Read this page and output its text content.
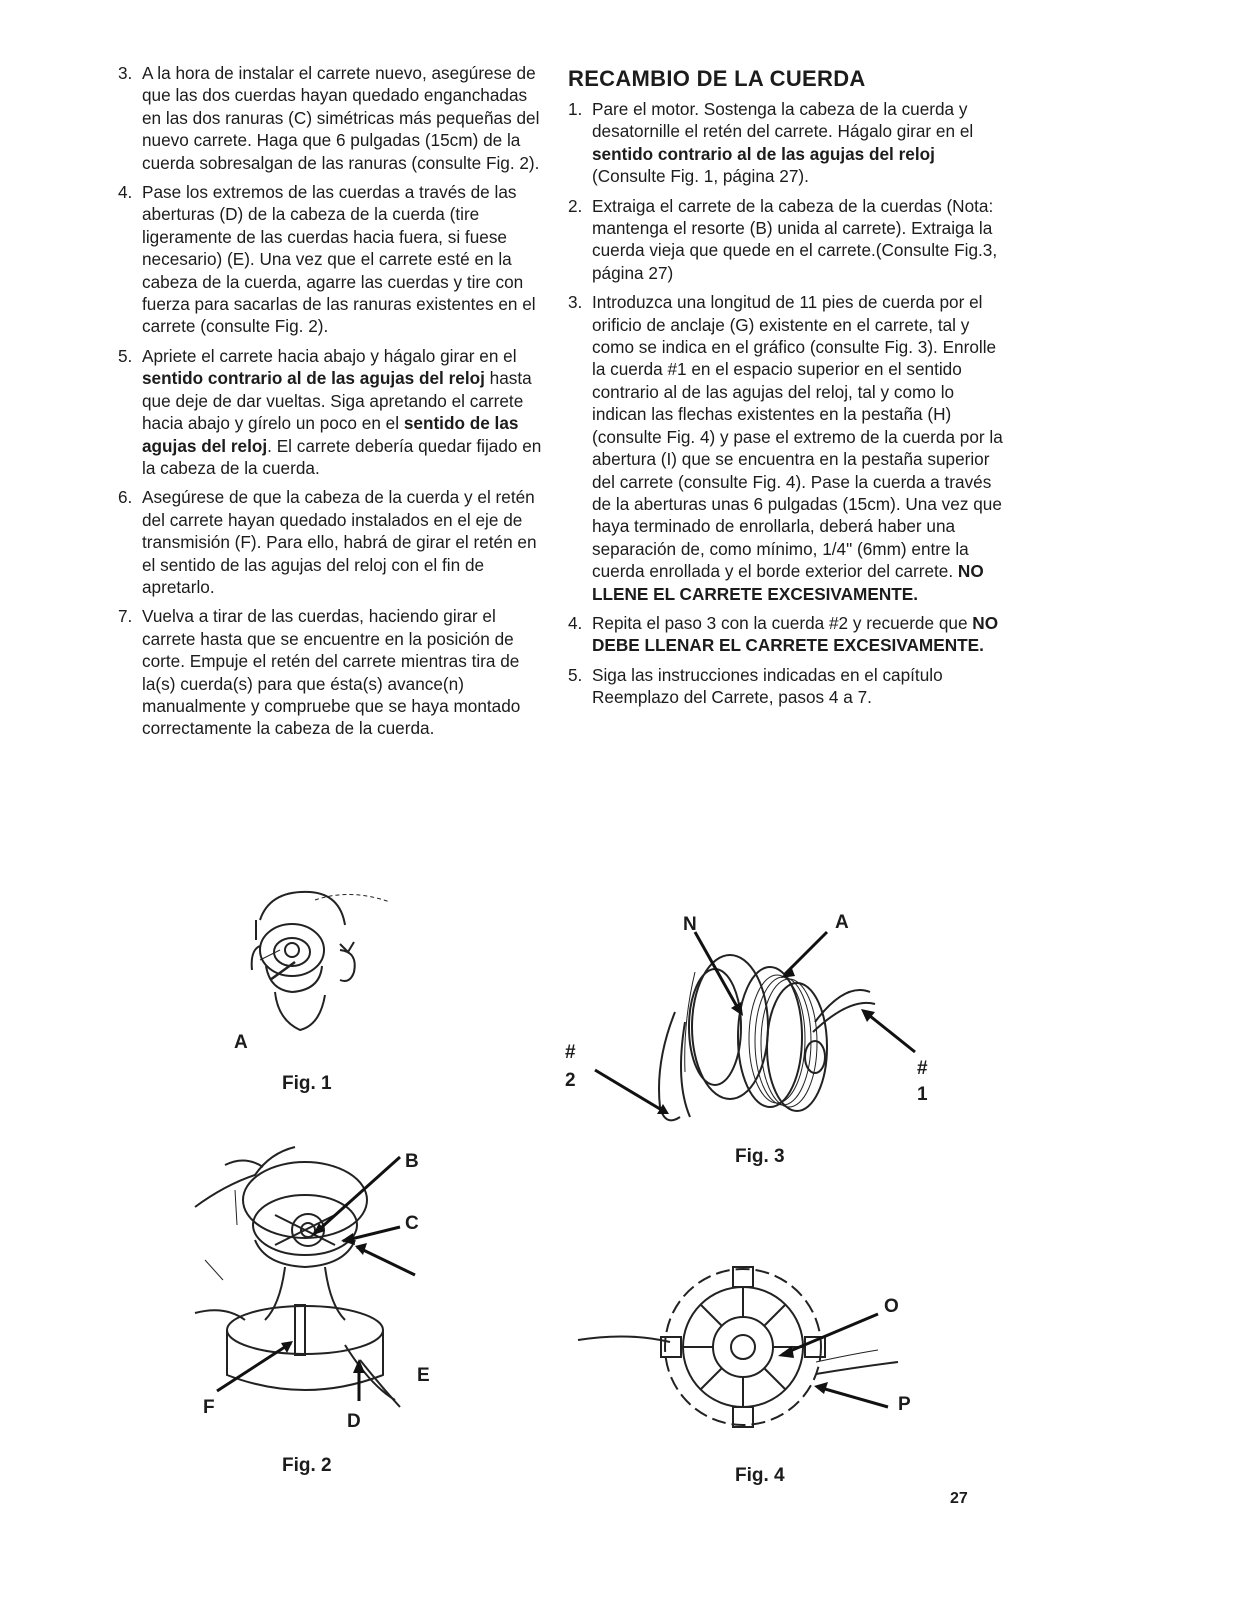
3. A la hora de instalar el carrete nuevo, asegúrese de que las dos cuerdas hayan quedado enganchadas en las dos ranuras (C) simétricas más pequeñas del nuevo carrete. Haga que 6 pulgadas (15cm) de la cuerda sobresalgan de las ranuras (consulte Fig. 2).
4. Pase los extremos de las cuerdas a través de las aberturas (D) de la cabeza de la cuerda (tire ligeramente de las cuerdas hacia fuera, si fuese necesario) (E). Una vez que el carrete esté en la cabeza de la cuerda, agarre las cuerdas y tire con fuerza para sacarlas de las ranuras existentes en el carrete (consulte Fig. 2).
5. Apriete el carrete hacia abajo y hágalo girar en el sentido contrario al de las agujas del reloj hasta que deje de dar vueltas. Siga apretando el carrete hacia abajo y gírelo un poco en el sentido de las agujas del reloj. El carrete debería quedar fijado en la cabeza de la cuerda.
6. Asegúrese de que la cabeza de la cuerda y el retén del carrete hayan quedado instalados en el eje de transmisión (F). Para ello, habrá de girar el retén en el sentido de las agujas del reloj con el fin de apretarlo.
7. Vuelva a tirar de las cuerdas, haciendo girar el carrete hasta que se encuentre en la posición de corte. Empuje el retén del carrete mientras tira de la(s) cuerda(s) para que ésta(s) avance(n) manualmente y compruebe que se haya montado correctamente la cabeza de la cuerda.
RECAMBIO DE LA CUERDA
1. Pare el motor. Sostenga la cabeza de la cuerda y desatornille el retén del carrete. Hágalo girar en el sentido contrario al de las agujas del reloj (Consulte Fig. 1, página 27).
2. Extraiga el carrete de la cabeza de la cuerdas (Nota: mantenga el resorte (B) unida al carrete). Extraiga la cuerda vieja que quede en el carrete.(Consulte Fig.3, página 27)
3. Introduzca una longitud de 11 pies de cuerda por el orificio de anclaje (G) existente en el carrete, tal y como se indica en el gráfico (consulte Fig. 3). Enrolle la cuerda #1 en el espacio superior en el sentido contrario al de las agujas del reloj, tal y como lo indican las flechas existentes en la pestaña (H) (consulte Fig. 4) y pase el extremo de la cuerda por la abertura (I) que se encuentra en la pestaña superior del carrete (consulte Fig. 4). Pase la cuerda a través de la aberturas unas 6 pulgadas (15cm). Una vez que haya terminado de enrollarla, deberá haber una separación de, como mínimo, 1/4" (6mm) entre la cuerda enrollada y el borde exterior del carrete. NO LLENE EL CARRETE EXCESIVAMENTE.
4. Repita el paso 3 con la cuerda #2 y recuerde que NO DEBE LLENAR EL CARRETE EXCESIVAMENTE.
5. Siga las instrucciones indicadas en el capítulo Reemplazo del Carrete, pasos 4 a 7.
A
Fig. 1
B
C
E
F
D
Fig. 2
N	A
#
1
#
2
Fig. 3
O
P
Fig. 4
27
